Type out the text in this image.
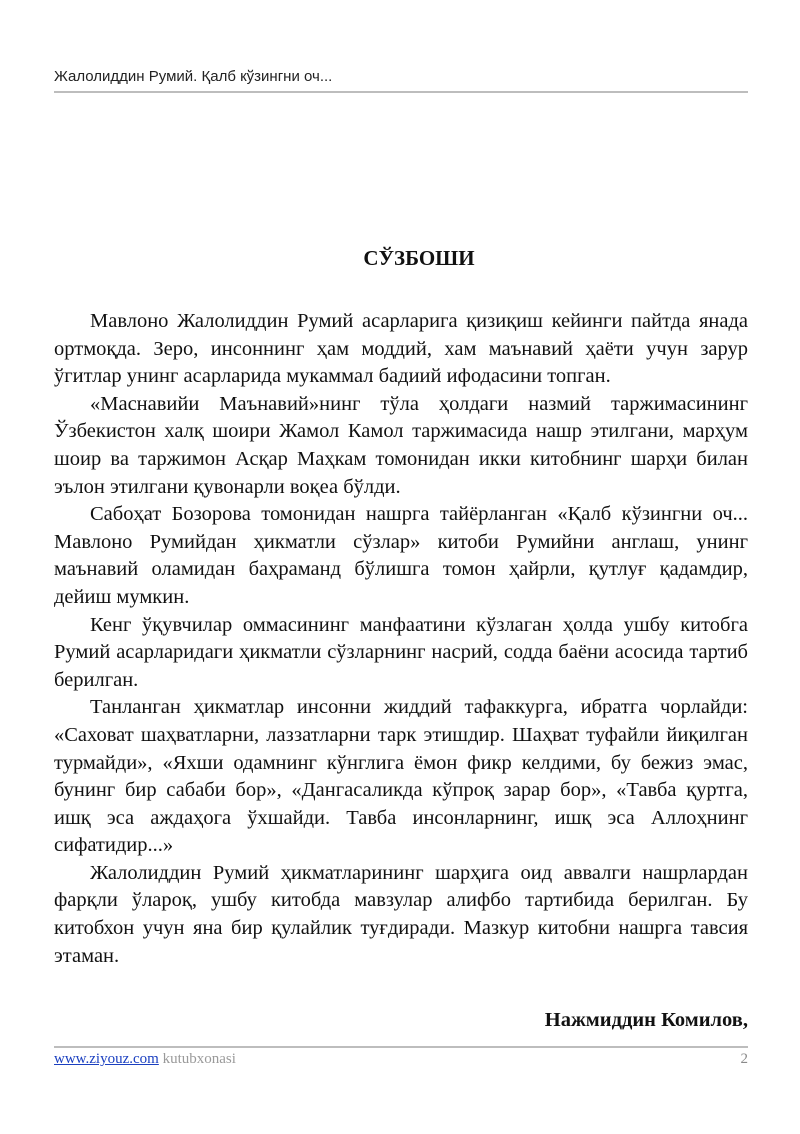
Жалолиддин Румий. Қалб кўзингни оч...
СЎЗБОШИ

Мавлоно Жалолиддин Румий асарларига қизиқиш кейинги пайтда янада ортмоқда. Зеро, инсоннинг ҳам моддий, хам маънавий ҳаёти учун зарур ўгитлар унинг асарларида мукаммал бадиий ифодасини топган.

«Маснавийи Маънавий»нинг тўла ҳолдаги назмий таржимасининг Ўзбекистон халқ шоири Жамол Камол таржимасида нашр этилгани, марҳум шоир ва таржимон Асқар Маҳкам томонидан икки китобнинг шарҳи билан эълон этилгани қувонарли воқеа бўлди.

Сабоҳат Бозорова томонидан нашрга тайёрланган «Қалб кўзингни оч... Мавлоно Румийдан ҳикматли сўзлар» китоби Румийни англаш, унинг маънавий оламидан баҳраманд бўлишга томон ҳайрли, қутлуғ қадамдир, дейиш мумкин.

Кенг ўқувчилар оммасининг манфаатини кўзлаган ҳолда ушбу китобга Румий асарларидаги ҳикматли сўзларнинг насрий, содда баёни асосида тартиб берилган.

Танланган ҳикматлар инсонни жиддий тафаккурга, ибратга чорлайди: «Саховат шаҳватларни, лаззатларни тарк этишдир. Шаҳват туфайли йиқилган турмайди», «Яхши одамнинг кўнглига ёмон фикр келдими, бу бежиз эмас, бунинг бир сабаби бор», «Дангасаликда кўпроқ зарар бор», «Тавба қуртга, ишқ эса аждаҳога ўхшайди. Тавба инсонларнинг, ишқ эса Аллоҳнинг сифатидир...»

Жалолиддин Румий ҳикматларининг шарҳига оид аввалги нашрлардан фарқли ўлароқ, ушбу китобда мавзулар алифбо тартибида берилган. Бу китобхон учун яна бир қулайлик туғдиради. Мазкур китобни нашрга тавсия этаман.

Нажмиддин Комилов,
www.ziyouz.com kutubxonasi	2
